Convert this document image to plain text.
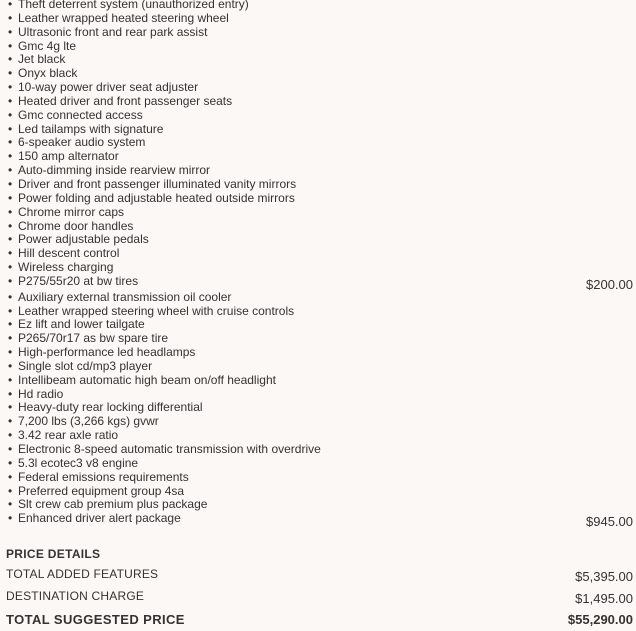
• Theft deterrent system (unauthorized entry)
• Leather wrapped heated steering wheel
• Ultrasonic front and rear park assist
• Gmc 4g lte
• Jet black
• Onyx black
• 10-way power driver seat adjuster
• Heated driver and front passenger seats
• Gmc connected access
• Led tailamps with signature
• 6-speaker audio system
• 150 amp alternator
• Auto-dimming inside rearview mirror
• Driver and front passenger illuminated vanity mirrors
• Power folding and adjustable heated outside mirrors
• Chrome mirror caps
• Chrome door handles
• Power adjustable pedals
• Hill descent control
• Wireless charging
• P275/55r20 at bw tires	$200.00
• Auxiliary external transmission oil cooler
• Leather wrapped steering wheel with cruise controls
• Ez lift and lower tailgate
• P265/70r17 as bw spare tire
• High-performance led headlamps
• Single slot cd/mp3 player
• Intellibeam automatic high beam on/off headlight
• Hd radio
• Heavy-duty rear locking differential
• 7,200 lbs (3,266 kgs) gvwr
• 3.42 rear axle ratio
• Electronic 8-speed automatic transmission with overdrive
• 5.3l ecotec3 v8 engine
• Federal emissions requirements
• Preferred equipment group 4sa
• Slt crew cab premium plus package
• Enhanced driver alert package	$945.00
PRICE DETAILS
TOTAL ADDED FEATURES	$5,395.00
DESTINATION CHARGE	$1,495.00
TOTAL SUGGESTED PRICE	$55,290.00
